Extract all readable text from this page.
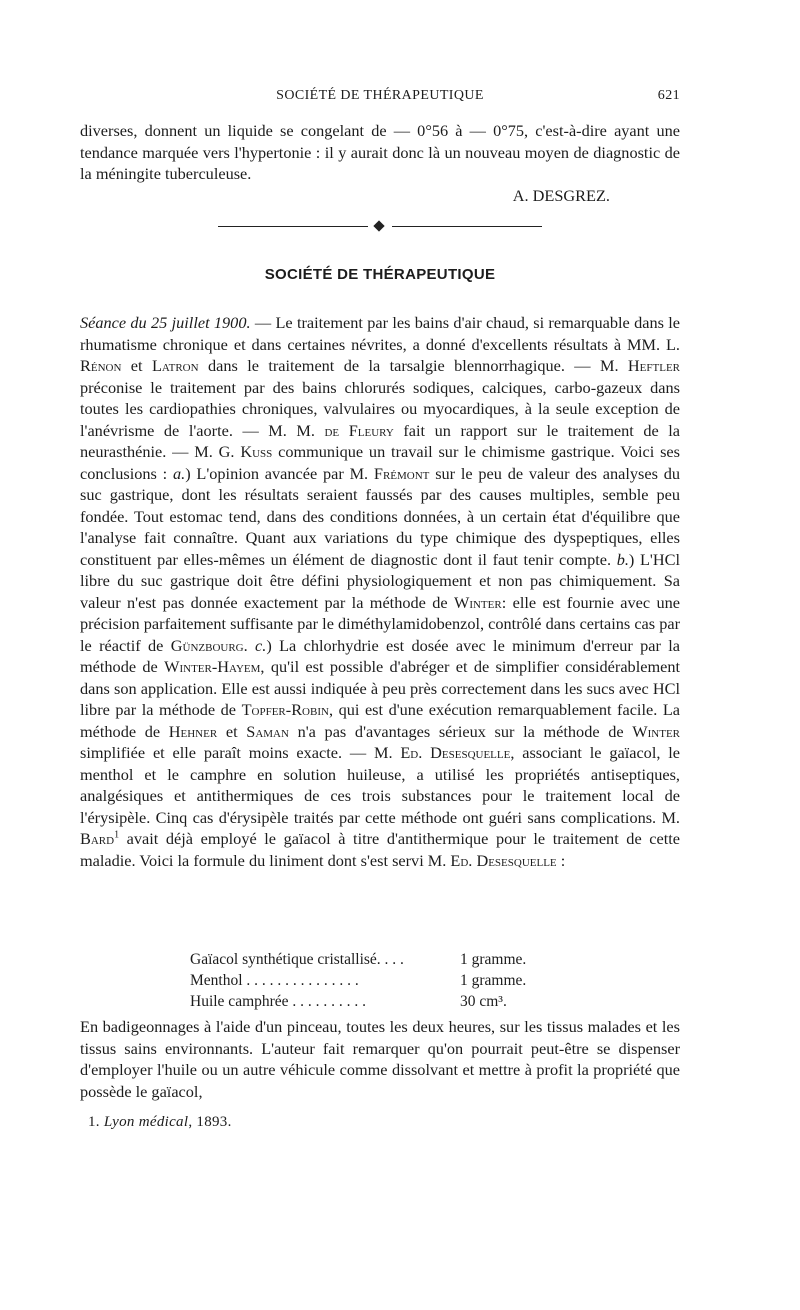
SOCIÉTÉ DE THÉRAPEUTIQUE	621
diverses, donnent un liquide se congelant de — 0°56 à — 0°75, c'est-à-dire ayant une tendance marquée vers l'hypertonie : il y aurait donc là un nouveau moyen de diagnostic de la méningite tuberculeuse.
A. DESGREZ.
SOCIÉTÉ DE THÉRAPEUTIQUE

Séance du 25 juillet 1900. — Le traitement par les bains d'air chaud, si remarquable dans le rhumatisme chronique et dans certaines névrites, a donné d'excellents résultats à MM. L. Rénon et Latron dans le traitement de la tarsalgie blennorrhagique. — M. Heftler préconise le traitement par des bains chlorurés sodiques, calciques, carbo-gazeux dans toutes les cardiopathies chroniques, valvulaires ou myocardiques, à la seule exception de l'anévrisme de l'aorte. — M. M. de Fleury fait un rapport sur le traitement de la neurasthénie. — M. G. Kuss communique un travail sur le chimisme gastrique. Voici ses conclusions : a.) L'opinion avancée par M. Frémont sur le peu de valeur des analyses du suc gastrique, dont les résultats seraient faussés par des causes multiples, semble peu fondée. Tout estomac tend, dans des conditions données, à un certain état d'équilibre que l'analyse fait connaître. Quant aux variations du type chimique des dyspeptiques, elles constituent par elles-mêmes un élément de diagnostic dont il faut tenir compte. b.) L'HCl libre du suc gastrique doit être défini physiologiquement et non pas chimiquement. Sa valeur n'est pas donnée exactement par la méthode de Winter: elle est fournie avec une précision parfaitement suffisante par le diméthylamidobenzol, contrôlé dans certains cas par le réactif de Günzbourg. c.) La chlorhydrie est dosée avec le minimum d'erreur par la méthode de Winter-Hayem, qu'il est possible d'abréger et de simplifier considérablement dans son application. Elle est aussi indiquée à peu près correctement dans les sucs avec HCl libre par la méthode de Topfer-Robin, qui est d'une exécution remarquablement facile. La méthode de Hehner et Saman n'a pas d'avantages sérieux sur la méthode de Winter simplifiée et elle paraît moins exacte. — M. Ed. Desesquelle, associant le gaïacol, le menthol et le camphre en solution huileuse, a utilisé les propriétés antiseptiques, analgésiques et antithermiques de ces trois substances pour le traitement local de l'érysipèle. Cinq cas d'érysipèle traités par cette méthode ont guéri sans complications. M. Bard$^1$ avait déjà employé le gaïacol à titre d'antithermique pour le traitement de cette maladie. Voici la formule du liniment dont s'est servi M. Ed. Desesquelle :

Gaïacol synthétique cristallisé. . . .	1 gramme.
Menthol . . . . . . . . . . . . . . .	1 gramme.
Huile camphrée . . . . . . . . . .	30 cm³.
En badigeonnages à l'aide d'un pinceau, toutes les deux heures, sur les tissus malades et les tissus sains environnants. L'auteur fait remarquer qu'on pourrait peut-être se dispenser d'employer l'huile ou un autre véhicule comme dissolvant et mettre à profit la propriété que possède le gaïacol,
1. Lyon médical, 1893.
